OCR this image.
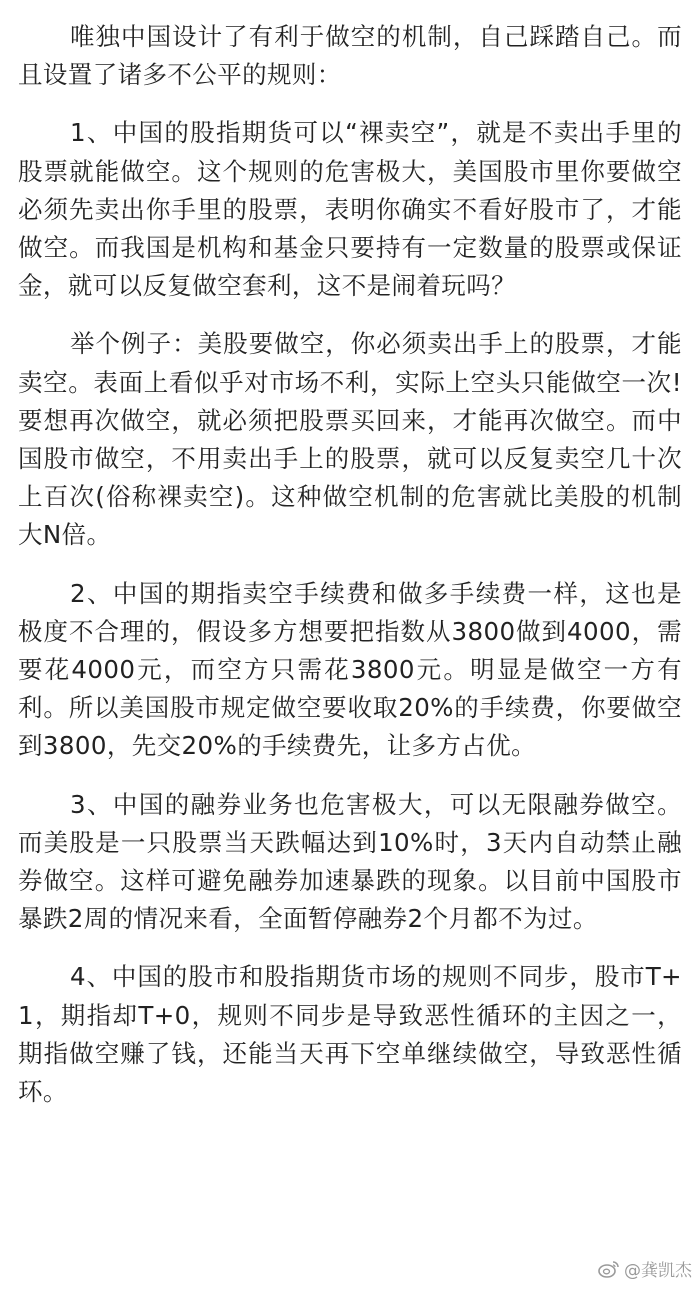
唯独中国设计了有利于做空的机制，自己踩踏自己。而且设置了诸多不公平的规则：

1、中国的股指期货可以“裸卖空”，就是不卖出手里的股票就能做空。这个规则的危害极大，美国股市里你要做空必须先卖出你手里的股票，表明你确实不看好股市了，才能做空。而我国是机构和基金只要持有一定数量的股票或保证金，就可以反复做空套利，这不是闹着玩吗？

举个例子：美股要做空，你必须卖出手上的股票，才能卖空。表面上看似乎对市场不利，实际上空头只能做空一次!要想再次做空，就必须把股票买回来，才能再次做空。而中国股市做空，不用卖出手上的股票，就可以反复卖空几十次上百次(俗称裸卖空)。这种做空机制的危害就比美股的机制大N倍。

2、中国的期指卖空手续费和做多手续费一样，这也是极度不合理的，假设多方想要把指数从3800做到4000，需要花4000元，而空方只需花3800元。明显是做空一方有利。所以美国股市规定做空要收取20%的手续费，你要做空到3800，先交20%的手续费先，让多方占优。

3、中国的融券业务也危害极大，可以无限融券做空。而美股是一只股票当天跌幅达到10%时，3天内自动禁止融券做空。这样可避免融券加速暴跌的现象。以目前中国股市暴跌2周的情况来看，全面暂停融券2个月都不为过。

4、中国的股市和股指期货市场的规则不同步，股市T+1，期指却T+0，规则不同步是导致恶性循环的主因之一，期指做空赚了钱，还能当天再下空单继续做空，导致恶性循环。

@龚凯杰
